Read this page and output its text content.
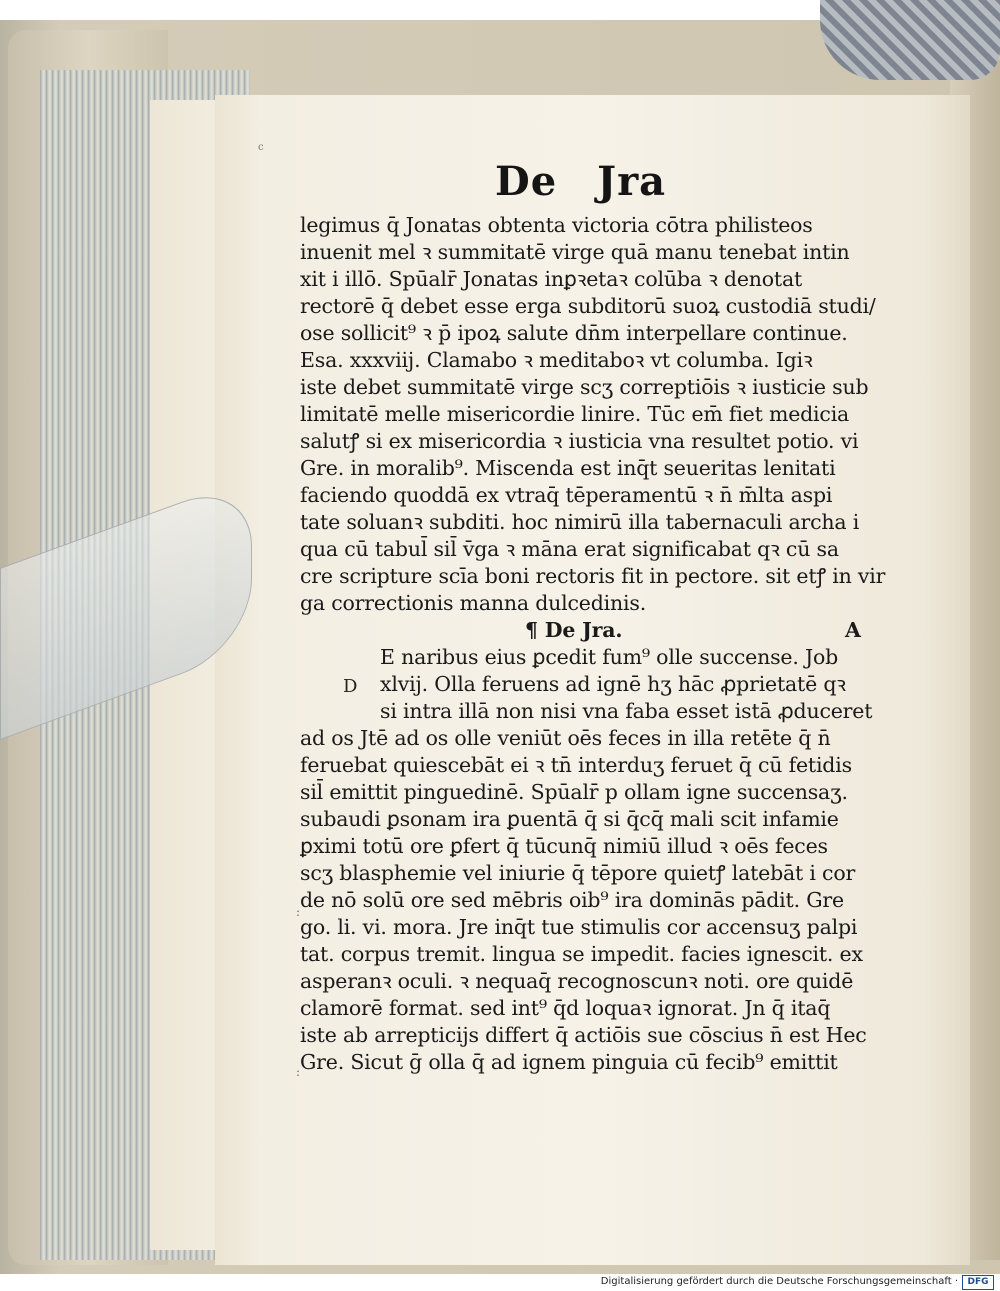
c
De Jra
legimus q̄ Jonatas obtenta victoria cōtra philisteos
inuenit mel ꝛ summitatē virge quā manu tenebat intin
xit i illō. Spūalr̄ Jonatas inꝑꝛetaꝛ colūba ꝛ denotat
rectorē q̄ debet esse erga subditorū suoꝝ custodiā studi/
ose sollicit⁹ ꝛ p̄ ipoꝝ salute dn̄m interpellare continue.
Esa. xxxviij. Clamabo ꝛ meditaboꝛ vt columba. Igiꝛ
iste debet summitatē virge scʒ correptiōis ꝛ iusticie sub
limitatē melle misericordie linire. Tūc em̄ fiet medicia
salutꝭ si ex misericordia ꝛ iusticia vna resultet potio. vi
Gre. in moralib⁹. Miscenda est inq̄t seueritas lenitati
faciendo quoddā ex vtraq̄ tēperamentū ꝛ n̄ m̄lta aspi
tate soluanꝛ subditi. hoc nimirū illa tabernaculi archa i
qua cū tabul̄ sil̄ v̄ga ꝛ māna erat significabat qꝛ cū sa
cre scripture scīa boni rectoris fit in pectore. sit etꝭ in vir
ga correctionis manna dulcedinis.
¶ De Jra.	A
E naribus eius ꝑcedit fum⁹ olle succense. Job
xlvij. Olla feruens ad ignē hʒ hāc ꝓprietatē qꝛ
si intra illā non nisi vna faba esset istā ꝓduceret
ad os Jtē ad os olle veniūt oēs feces in illa retēte q̄ n̄
feruebat quiescebāt ei ꝛ tn̄ interduʒ feruet q̄ cū fetidis
sil̄ emittit pinguedinē. Spūalr̄ p ollam igne succensaʒ.
subaudi ꝑsonam ira ꝑuentā q̄ si q̄cq̄ mali scit infamie
ꝑximi totū ore ꝑfert q̄ tūcunq̄ nimiū illud ꝛ oēs feces
scʒ blasphemie vel iniurie q̄ tēpore quietꝭ latebāt i cor
de nō solū ore sed mēbris oib⁹ ira dominās pādit. Gre
go. li. vi. mora. Jre inq̄t tue stimulis cor accensuʒ palpi
tat. corpus tremit. lingua se impedit. facies ignescit. ex
asperanꝛ oculi. ꝛ nequaq̄ recognoscunꝛ noti. ore quidē
clamorē format. sed int⁹ q̄d loquaꝛ ignorat. Jn q̄ itaq̄
iste ab arrepticijs differt q̄ actiōis sue cōscius n̄ est Hec
Gre. Sicut ḡ olla q̄ ad ignem pinguia cū fecib⁹ emittit
D
:
:
Digitalisierung gefördert durch die Deutsche Forschungsgemeinschaft ·	DFG
